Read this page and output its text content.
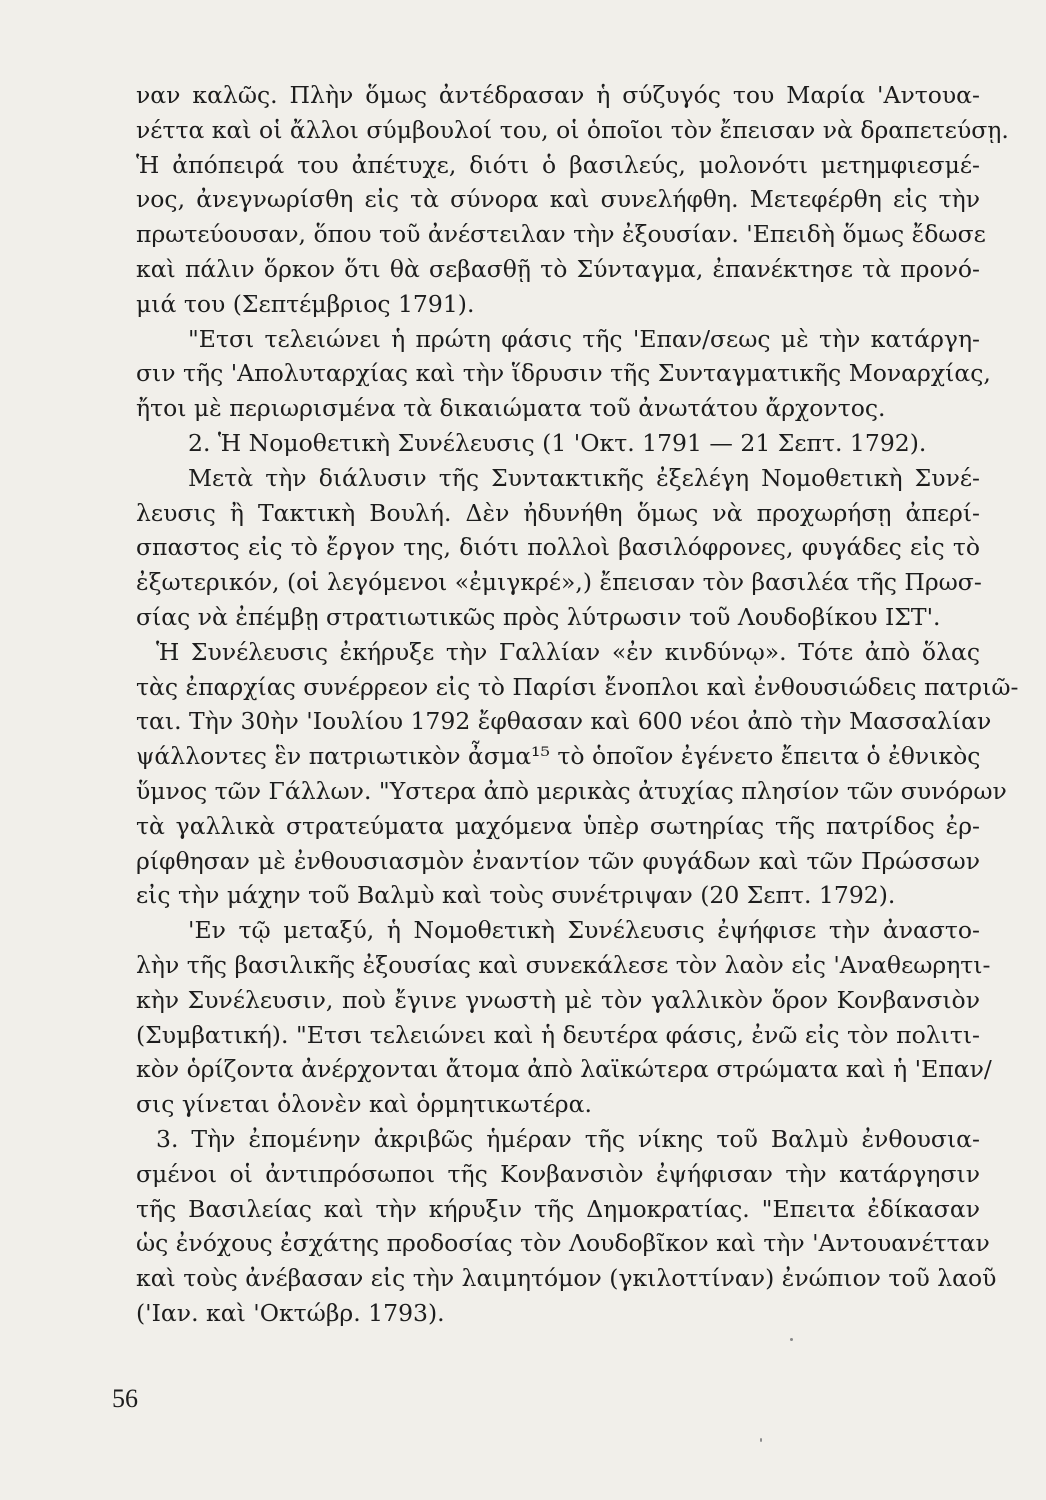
ναν καλῶς. Πλὴν ὅμως ἀντέδρασαν ἡ σύζυγός του Μαρία 'Αντουα-
νέττα καὶ οἱ ἄλλοι σύμβουλοί του, οἱ ὁποῖοι τὸν ἔπεισαν νὰ δραπετεύσῃ.
Ἡ ἀπόπειρά του ἀπέτυχε, διότι ὁ βασιλεύς, μολονότι μετημφιεσμέ-
νος, ἀνεγνωρίσθη εἰς τὰ σύνορα καὶ συνελήφθη. Μετεφέρθη εἰς τὴν
πρωτεύουσαν, ὅπου τοῦ ἀνέστειλαν τὴν ἐξουσίαν. 'Επειδὴ ὅμως ἔδωσε
καὶ πάλιν ὅρκον ὅτι θὰ σεβασθῇ τὸ Σύνταγμα, ἐπανέκτησε τὰ προνό-
μιά του (Σεπτέμβριος 1791).
"Ετσι τελειώνει ἡ πρώτη φάσις τῆς 'Επαν/σεως μὲ τὴν κατάργη-
σιν τῆς 'Απολυταρχίας καὶ τὴν ἵδρυσιν τῆς Συνταγματικῆς Μοναρχίας,
ἤτοι μὲ περιωρισμένα τὰ δικαιώματα τοῦ ἀνωτάτου ἄρχοντος.
2. Ἡ Νομοθετικὴ Συνέλευσις (1 'Οκτ. 1791 — 21 Σεπτ. 1792).
Μετὰ τὴν διάλυσιν τῆς Συντακτικῆς ἐξελέγη Νομοθετικὴ Συνέ-
λευσις ἢ Τακτικὴ Βουλή. Δὲν ἠδυνήθη ὅμως νὰ προχωρήσῃ ἀπερί-
σπαστος εἰς τὸ ἔργον της, διότι πολλοὶ βασιλόφρονες, φυγάδες εἰς τὸ
ἐξωτερικόν, (οἱ λεγόμενοι «ἐμιγκρέ»,) ἔπεισαν τὸν βασιλέα τῆς Πρωσ-
σίας νὰ ἐπέμβῃ στρατιωτικῶς πρὸς λύτρωσιν τοῦ Λουδοβίκου ΙΣΤ'.
Ἡ Συνέλευσις ἐκήρυξε τὴν Γαλλίαν «ἐν κινδύνῳ». Τότε ἀπὸ ὅλας
τὰς ἐπαρχίας συνέρρεον εἰς τὸ Παρίσι ἔνοπλοι καὶ ἐνθουσιώδεις πατριῶ-
ται. Τὴν 30ὴν 'Ιουλίου 1792 ἔφθασαν καὶ 600 νέοι ἀπὸ τὴν Μασσαλίαν
ψάλλοντες ἓν πατριωτικὸν ἆσμα¹⁵ τὸ ὁποῖον ἐγένετο ἔπειτα ὁ ἐθνικὸς
ὕμνος τῶν Γάλλων. "Υστερα ἀπὸ μερικὰς ἀτυχίας πλησίον τῶν συνόρων
τὰ γαλλικὰ στρατεύματα μαχόμενα ὑπὲρ σωτηρίας τῆς πατρίδος ἐρ-
ρίφθησαν μὲ ἐνθουσιασμὸν ἐναντίον τῶν φυγάδων καὶ τῶν Πρώσσων
εἰς τὴν μάχην τοῦ Βαλμὺ καὶ τοὺς συνέτριψαν (20 Σεπτ. 1792).
'Εν τῷ μεταξύ, ἡ Νομοθετικὴ Συνέλευσις ἐψήφισε τὴν ἀναστο-
λὴν τῆς βασιλικῆς ἐξουσίας καὶ συνεκάλεσε τὸν λαὸν εἰς 'Αναθεωρητι-
κὴν Συνέλευσιν, ποὺ ἔγινε γνωστὴ μὲ τὸν γαλλικὸν ὅρον Κονβανσιὸν
(Συμβατική). "Ετσι τελειώνει καὶ ἡ δευτέρα φάσις, ἐνῶ εἰς τὸν πολιτι-
κὸν ὁρίζοντα ἀνέρχονται ἄτομα ἀπὸ λαϊκώτερα στρώματα καὶ ἡ 'Επαν/
σις γίνεται ὁλονὲν καὶ ὁρμητικωτέρα.
3. Τὴν ἐπομένην ἀκριβῶς ἡμέραν τῆς νίκης τοῦ Βαλμὺ ἐνθουσια-
σμένοι οἱ ἀντιπρόσωποι τῆς Κονβανσιὸν ἐψήφισαν τὴν κατάργησιν
τῆς Βασιλείας καὶ τὴν κήρυξιν τῆς Δημοκρατίας. "Επειτα ἐδίκασαν
ὡς ἐνόχους ἐσχάτης προδοσίας τὸν Λουδοβῖκον καὶ τὴν 'Αντουανέτταν
καὶ τοὺς ἀνέβασαν εἰς τὴν λαιμητόμον (γκιλοττίναν) ἐνώπιον τοῦ λαοῦ
('Ιαν. καὶ 'Οκτώβρ. 1793).
56
